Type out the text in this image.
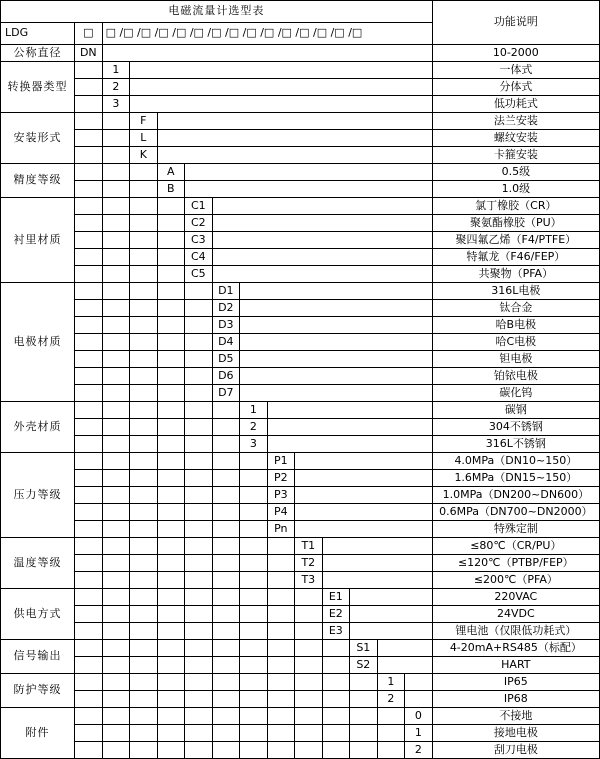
电磁流量计选型表														功能说明
LDG	□	□ /□ /□ /□ /□ /□ /□ /□ /□ /□ /□ /□ /□ /□ /□												
公称直径	DN													10-2000
转换器类型		1												一体式
		2												分体式
		3												低功耗式
安装形式			F											法兰安装
			L											螺纹安装
			K											卡箍安装
精度等级				A										0.5级
				B										1.0级
衬里材质					C1									氯丁橡胶（CR）
					C2									聚氨酯橡胶（PU）
					C3									聚四氟乙烯（F4/PTFE）
					C4									特氟龙（F46/FEP）
					C5									共聚物（PFA）
电极材质						D1								316L电极
						D2								钛合金
						D3								哈B电极
						D4								哈C电极
						D5								钽电极
						D6								铂铱电极
						D7								碳化钨
外壳材质							1							碳钢
							2							304不锈钢
							3							316L不锈钢
压力等级								P1						4.0MPa（DN10~150）
								P2						1.6MPa（DN15~150）
								P3						1.0MPa（DN200~DN600）
								P4						0.6MPa（DN700~DN2000）
								Pn						特殊定制
温度等级									T1					≤80℃（CR/PU）
									T2					≤120℃（PTBP/FEP）
									T3					≤200℃（PFA）
供电方式										E1				220VAC
										E2				24VDC
										E3				锂电池（仅限低功耗式）
信号输出											S1			4-20mA+RS485（标配）
											S2			HART
防护等级												1		IP65
												2		IP68
附件													0	不接地
													1	接地电极
													2	刮刀电极
